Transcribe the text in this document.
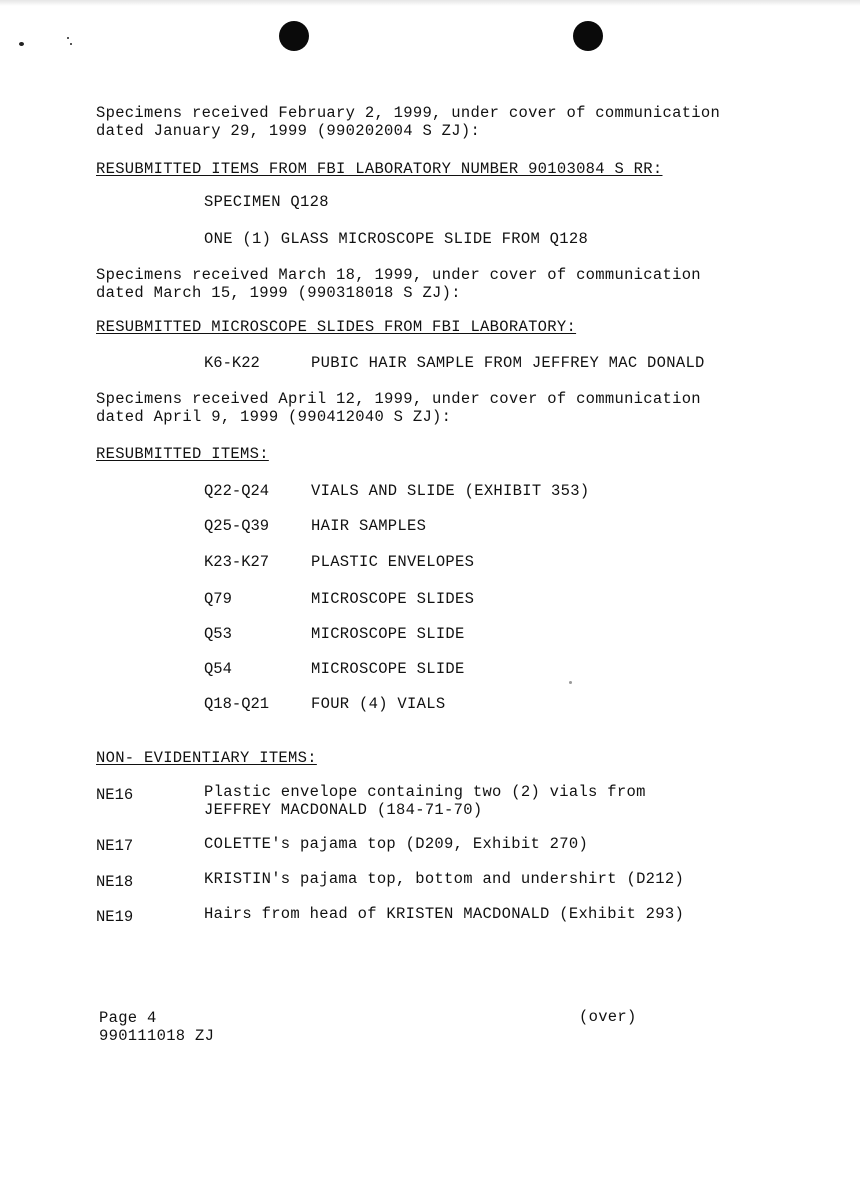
Specimens received February 2, 1999, under cover of communication
dated January 29, 1999 (990202004 S ZJ):
RESUBMITTED ITEMS FROM FBI LABORATORY NUMBER 90103084 S RR:
SPECIMEN Q128
ONE (1) GLASS MICROSCOPE SLIDE FROM Q128
Specimens received March 18, 1999, under cover of communication
dated March 15, 1999 (990318018 S ZJ):
RESUBMITTED MICROSCOPE SLIDES FROM FBI LABORATORY:
K6-K22	PUBIC HAIR SAMPLE FROM JEFFREY MAC DONALD
Specimens received April 12, 1999, under cover of communication
dated April 9, 1999 (990412040 S ZJ):
RESUBMITTED ITEMS:
Q22-Q24	VIALS AND SLIDE (EXHIBIT 353)
Q25-Q39	HAIR SAMPLES
K23-K27	PLASTIC ENVELOPES
Q79	MICROSCOPE SLIDES
Q53	MICROSCOPE SLIDE
Q54	MICROSCOPE SLIDE
Q18-Q21	FOUR (4) VIALS
NON- EVIDENTIARY ITEMS:
NE16	Plastic envelope containing two (2) vials from
JEFFREY MACDONALD (184-71-70)
NE17	COLETTE's pajama top (D209, Exhibit 270)
NE18	KRISTIN's pajama top, bottom and undershirt (D212)
NE19	Hairs from head of KRISTEN MACDONALD (Exhibit 293)
Page 4
990111018 ZJ
(over)
